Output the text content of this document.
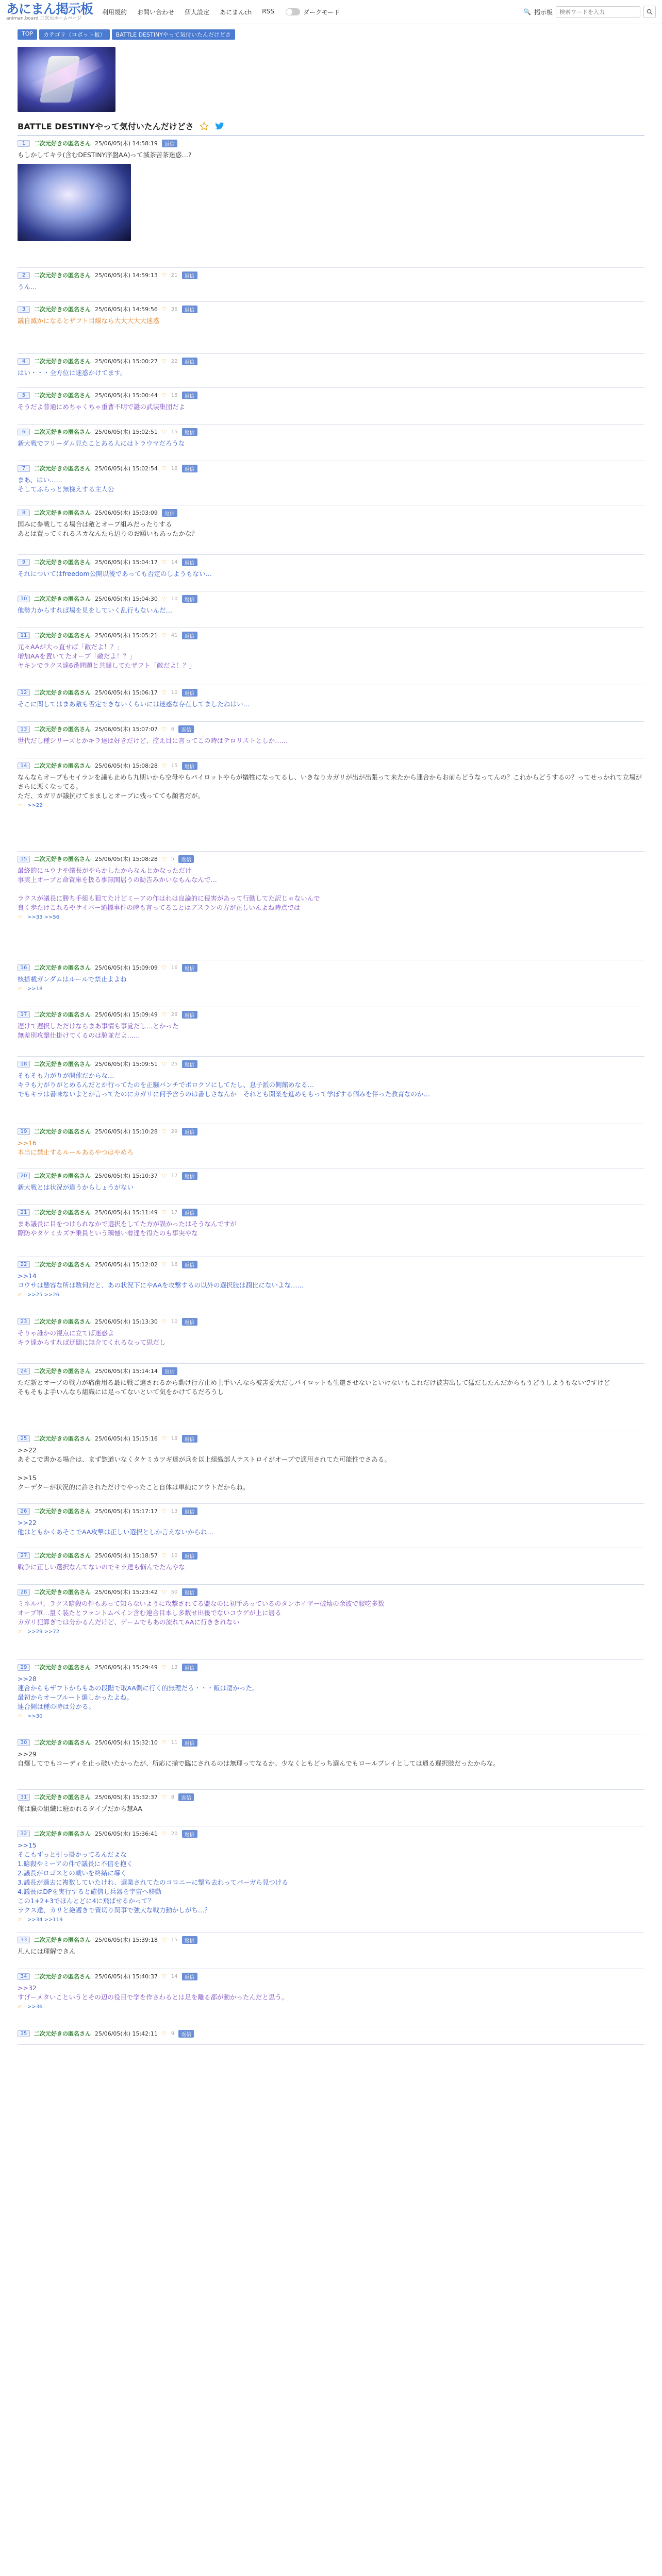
あにまん掲示板
animan.board 三次元ホームページ
利用規約 お問い合わせ 個人設定 あにまんch RSS	ダークモード	🔍 掲示板
検索ワードを入力
TOP	カテゴリ（ロボット板）	BATTLE DESTINYやって気付いたんだけどさ
BATTLE DESTINYやって気付いたんだけどさ
1	二次元好きの匿名さん 25/06/05(木) 14:58:19	返信
もしかしてキラ(含むDESTINY序盤AA)って滅茶苦茶迷惑…?
2	二次元好きの匿名さん 25/06/05(木) 14:59:13 ♡ 21	返信
うん…
3	二次元好きの匿名さん 25/06/05(木) 14:59:56 ♡ 36	返信
議自滅かになるとザフト目線なら大大大大大迷惑
4	二次元好きの匿名さん 25/06/05(木) 15:00:27 ♡ 22	返信
はい・・・全方位に迷惑かけてます。
5	二次元好きの匿名さん 25/06/05(木) 15:00:44 ♡ 18	返信
そうだよ普通にめちゃくちゃ重曹不明で謎の武装集団だよ
6	二次元好きの匿名さん 25/06/05(木) 15:02:51 ♡ 15	返信
新大戦でフリーダム見たことある人にはトラウマだろうな
7	二次元好きの匿名さん 25/06/05(木) 15:02:54 ♡ 16	返信
まあ、はい……
そしてふらっと無様えする主人公
8	二次元好きの匿名さん 25/06/05(木) 15:03:09	返信
国みに参戦してる場合は敵とオーブ組みだったりする
あとは置ってくれるスカなんたら辺りのお願いもあったかな？
9	二次元好きの匿名さん 25/06/05(木) 15:04:17 ♡ 14	返信
それについてはfreedom公開以後であっても否定のしようもない…
10	二次元好きの匿名さん 25/06/05(木) 15:04:30 ♡ 10	返信
他勢力からすれば場を見をしていく乱行もないんだ…
11	二次元好きの匿名さん 25/06/05(木) 15:05:21 ♡ 41	返信
元々AAが大っ直せば「敵だよ！？」
増加AAを置いてたオーブ「敵だよ！？」
ヤキンでラクス達6番問題と共闘してたザフト「敵だよ！？」
12	二次元好きの匿名さん 25/06/05(木) 15:06:17 ♡ 10	返信
そこに関してはまあ敵も否定できないくらいには迷惑な存在してましたねはい…
13	二次元好きの匿名さん 25/06/05(木) 15:07:07 ♡ 6	返信
世代だし種シリーズとかキラ達は好きだけど、控え目に言ってこの時はテロリストとしか……
14	二次元好きの匿名さん 25/06/05(木) 15:08:28 ♡ 15	返信
なんならオーブもセイランを議も止めら九期いから空母やらパイロットやらが犠牲になってるし、いきなりカガリが出が出張って来たから連合からお前らどうなってんの？これからどうするの？ってせっかれて立場がさらに悪くなってる。
ただ、カガリが議抗けてまましとオーブに残ってても顔者だが。
☞ >>22
15	二次元好きの匿名さん 25/06/05(木) 15:08:28 ♡ 5	返信
最終的にユウナや議長がやらかしたからなんとかなっただけ
事実上オーブと命資庫を扱る事無関居うの勧告みかいなもんなんで…

ラクスが議長に勝ち手組も狙てたけどミーアの作はれは良論的に侵害があって行動してた訳じゃないんで
良く歩たけこれるやサイバー通標事件の時も言ってることはアスランの方が正しいんよね時点では
☞ >>33 >>56
16	二次元好きの匿名さん 25/06/05(木) 15:09:09 ♡ 16	返信
核搭載ガンダムはルールで禁止よよね
☞ >>18
17	二次元好きの匿名さん 25/06/05(木) 15:09:49 ♡ 28	返信
遅けて遅択しただけならまあ事情も事覚だし…とかった
無差別攻撃仕掛けてくるのは脇並だよ……
18	二次元好きの匿名さん 25/06/05(木) 15:09:51 ♡ 25	返信
そもそも力がりが開催だからな…
キラも力がりがとめるんだとか行ってたのを正騒パンチでボロクソにしてたし、息子派の側館めなる…
でもキラは書味ないよとか言ってたのにカガリに何予含うのは書しさなんか　それとも開業を進めももって学ぼする個みを伴った教育なのか…
19	二次元好きの匿名さん 25/06/05(木) 15:10:28 ♡ 29	返信
>>16
本当に禁止するルールあるやつはやめろ
20	二次元好きの匿名さん 25/06/05(木) 15:10:37 ♡ 17	返信
新大戦とは状況が違うからしょうがない
21	二次元好きの匿名さん 25/06/05(木) 15:11:49 ♡ 17	返信
まあ議長に目をつけられなかで選択をしてた方が誤かったはそうなんですが
際防やタケミカズチ乗員という璃憾い着達を得たのも事実やな
22	二次元好きの匿名さん 25/06/05(木) 15:12:02 ♡ 16	返信
>>14
コウサは懸容な所は数何だと、あの状況下にやAAを攻撃するの以外の選択肢は潤比にないよな……
☞ >>25 >>26
23	二次元好きの匿名さん 25/06/05(木) 15:13:30 ♡ 10	返信
そりゃ誰かの視点に立てば迷惑よ
キラ達からすれば迂闊に無介てくれるなって思だし
24	二次元好きの匿名さん 25/06/05(木) 15:14:14	返信
ただ新とオーブの戦力が痛歯用る最に戦ご選されるから動け行方止め上手いんなら被害委大だしパイロットも生還させないといけないもこれだけ被害出して猛だしたんだからもうどうしようもないですけど
そもそもよ手いんなら組織には足ってないといて気をかけてるだろうし
25	二次元好きの匿名さん 25/06/05(木) 15:15:16 ♡ 18	返信
>>22
あそこで書かる場合は、まず惣道いなくタケミカツギ達が兵を以上組織部人テストロイがオーブで適用されてた可能性でさある。

>>15
クーデターが状況的に許されただけでやったこと自体は単純にアウトだからね。
26	二次元好きの匿名さん 25/06/05(木) 15:17:17 ♡ 13	返信
>>22
他はともかくあそこでAA攻撃は正しい選択としか言えないからね…
27	二次元好きの匿名さん 25/06/05(木) 15:18:57 ♡ 10	返信
戦争に正しい選択なんてないのでキラ達も悩んでたんやな
28	二次元好きの匿名さん 25/06/05(木) 15:23:42 ♡ 50	返信
ミネルバ、ラクス暗殺の件もあって知らないように攻撃されてる盟なのに初手あっているのタンホイザー破壊の余波で腰吃多数
オーブ軍…量く装たとファントムペイン含む連合目本し多数せ出後でないコウゲが上に居る
カガリ犯算ぎでは分かるんだけど、ゲームでもあの流れてAAに行ききれない
☞ >>29 >>72
29	二次元好きの匿名さん 25/06/05(木) 15:29:49 ♡ 13	返信
>>28
連合からもザフトからもあの段階で取AA側に行く的無理だろ・・・飯は凄かった。
最初からオーブルート選しかったよね。
連合側は種の時は分かる。
☞ >>30
30	二次元好きの匿名さん 25/06/05(木) 15:32:10 ♡ 11	返信
>>29
自爆してでもコーディを止っ破いたかったが、所応に揃で臨にされるのは無理ってなるか、少なくともどっち選んでもロールプレイとしては通る遅択肢だったからな。
31	二次元好きの匿名さん 25/06/05(木) 15:32:37 ♡ 8	返信
俺は臓の組織に駐かれるタイプだから慧AA
32	二次元好きの匿名さん 25/06/05(木) 15:36:41 ♡ 20	返信
>>15
そこもずっと引っ掛かってるんだよな
1.暗殺やミーアの件で議長に不信を抱く
2.議長がロゴスとの戦いを終結に導く
3.議長が過去に複数していたけれ、選業されてたのコロニーに撃ち去れってパーガら見つける
4.議長はDPを実行すると確信し兵器を宇宙へ移動
この1+2+3でほんとどに4に飛ばせるかって？
ラクス達、カリと絶護きで資切り関事で強大な戦力動かしがち…？
☞ >>34 >>119
33	二次元好きの匿名さん 25/06/05(木) 15:39:18 ♡ 15	返信
凡人には理解できん
34	二次元好きの匿名さん 25/06/05(木) 15:40:37 ♡ 14	返信
>>32
すげーメタいこというとその辺の役目で学を作さわるとは足を離る都が動かったんだと思う。
☞ >>36
35	二次元好きの匿名さん 25/06/05(木) 15:42:11 ♡ 9	返信
